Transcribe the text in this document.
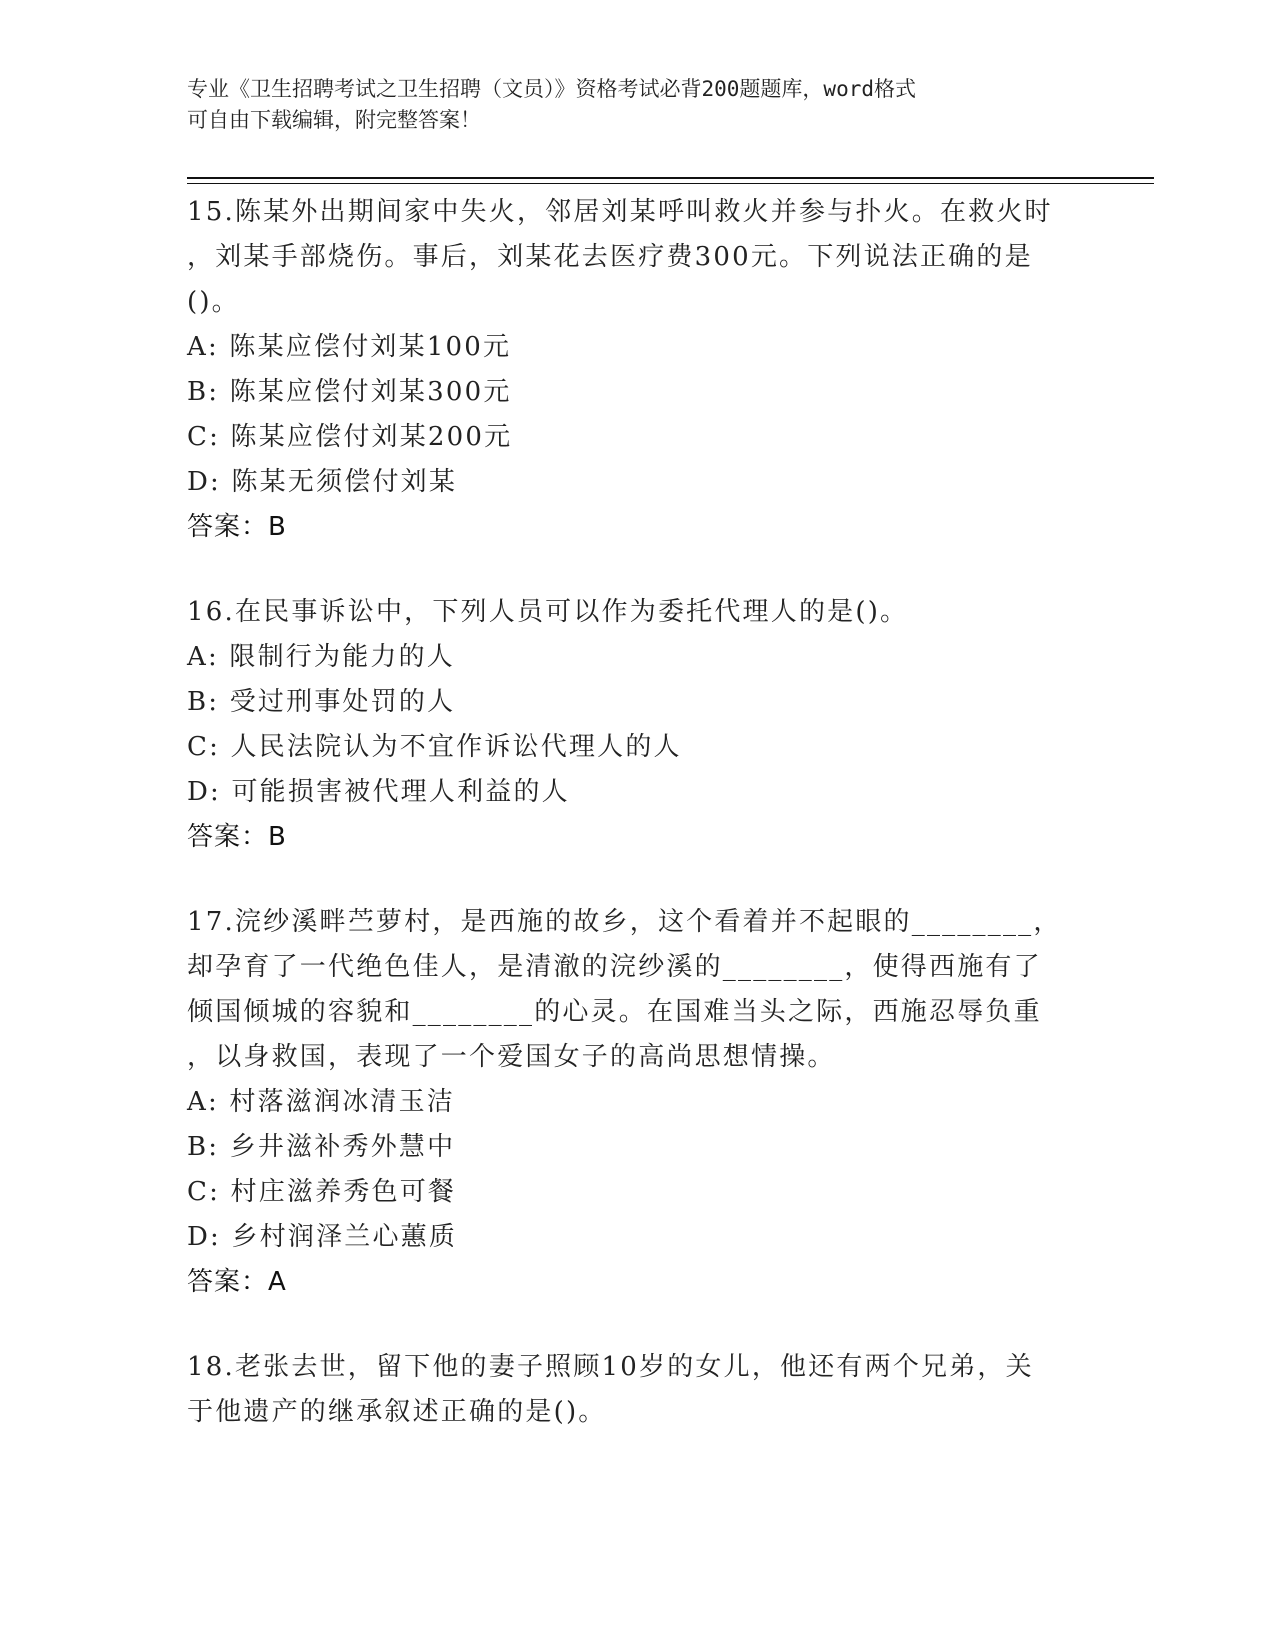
专业《卫生招聘考试之卫生招聘（文员）》资格考试必背200题题库，word格式
可自由下载编辑，附完整答案！
15.陈某外出期间家中失火，邻居刘某呼叫救火并参与扑火。在救火时
，刘某手部烧伤。事后，刘某花去医疗费300元。下列说法正确的是
()。
A: 陈某应偿付刘某100元
B: 陈某应偿付刘某300元
C: 陈某应偿付刘某200元
D: 陈某无须偿付刘某
答案：B
16.在民事诉讼中，下列人员可以作为委托代理人的是()。
A: 限制行为能力的人
B: 受过刑事处罚的人
C: 人民法院认为不宜作诉讼代理人的人
D: 可能损害被代理人利益的人
答案：B
17.浣纱溪畔苎萝村，是西施的故乡，这个看着并不起眼的________，
却孕育了一代绝色佳人，是清澈的浣纱溪的________，使得西施有了
倾国倾城的容貌和________的心灵。在国难当头之际，西施忍辱负重
，以身救国，表现了一个爱国女子的高尚思想情操。
A: 村落滋润冰清玉洁
B: 乡井滋补秀外慧中
C: 村庄滋养秀色可餐
D: 乡村润泽兰心蕙质
答案：A
18.老张去世，留下他的妻子照顾10岁的女儿，他还有两个兄弟，关
于他遗产的继承叙述正确的是()。
